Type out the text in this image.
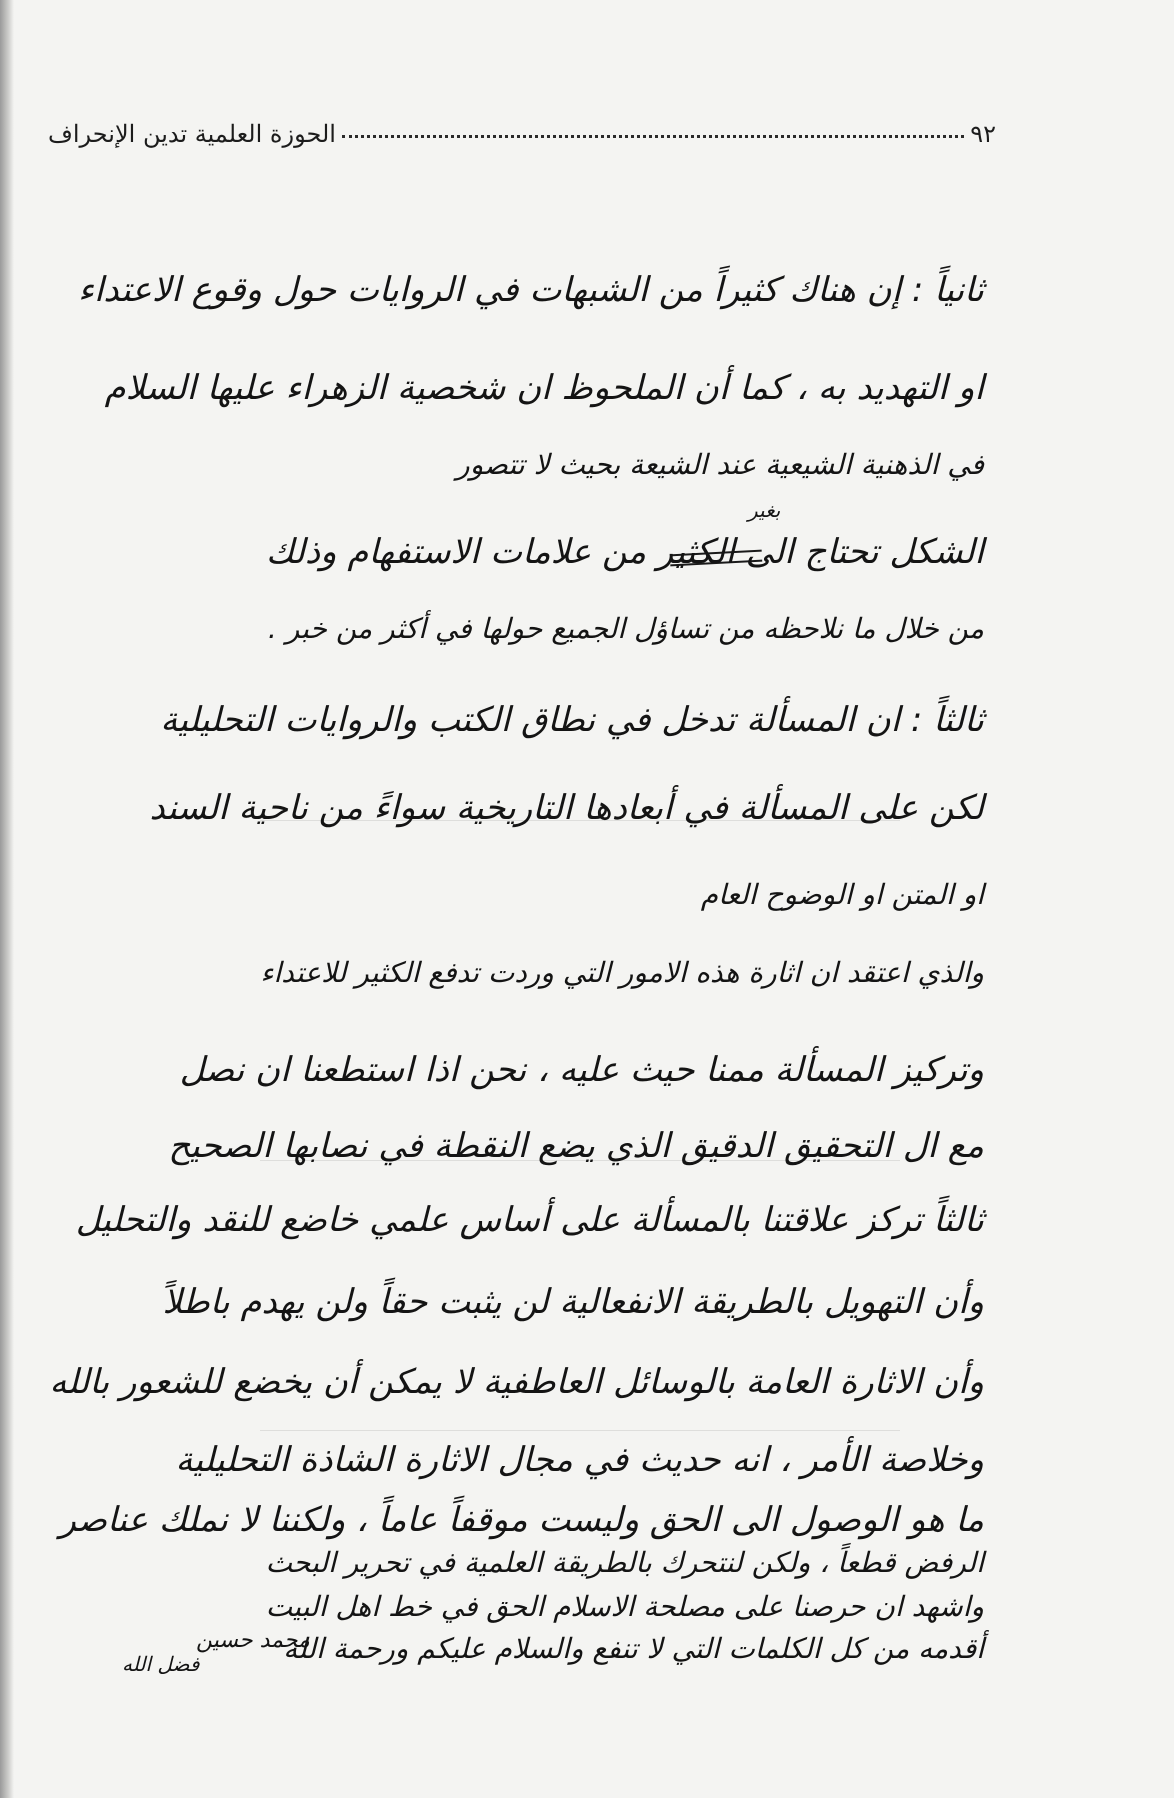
٩٢
الحوزة العلمية تدين الإنحراف
ثانياً : إن هناك كثيراً من الشبهات في الروايات حول وقوع الاعتداء
او التهديد به ، كما أن الملحوظ ان شخصية الزهراء عليها السلام
في الذهنية الشيعية عند الشيعة بحيث لا تتصور
بغير
الشكل تحتاج الى الكثير من علامات الاستفهام وذلك
من خلال ما نلاحظه من تساؤل الجميع حولها في أكثر من خبر .
ثالثاً : ان المسألة تدخل في نطاق الكتب والروايات التحليلية
لكن على المسألة في أبعادها التاريخية سواءً من ناحية السند
او المتن او الوضوح العام
والذي اعتقد ان اثارة هذه الامور التي وردت تدفع الكثير للاعتداء
وتركيز المسألة ممنا حيث عليه ، نحن اذا استطعنا ان نصل
مع ال التحقيق الدقيق الذي يضع النقطة في نصابها الصحيح
ثالثاً تركز علاقتنا بالمسألة على أساس علمي خاضع للنقد والتحليل
وأن التهويل بالطريقة الانفعالية لن يثبت حقاً ولن يهدم باطلاً
وأن الاثارة العامة بالوسائل العاطفية لا يمكن أن يخضع للشعور بالله
وخلاصة الأمر ، انه حديث في مجال الاثارة الشاذة التحليلية
ما هو الوصول الى الحق وليست موقفاً عاماً ، ولكننا لا نملك عناصر
الرفض قطعاً ، ولكن لنتحرك بالطريقة العلمية في تحرير البحث
واشهد ان حرصنا على مصلحة الاسلام الحق في خط اهل البيت
أقدمه من كل الكلمات التي لا تنفع والسلام عليكم ورحمة الله
محمد حسين
فضل الله
